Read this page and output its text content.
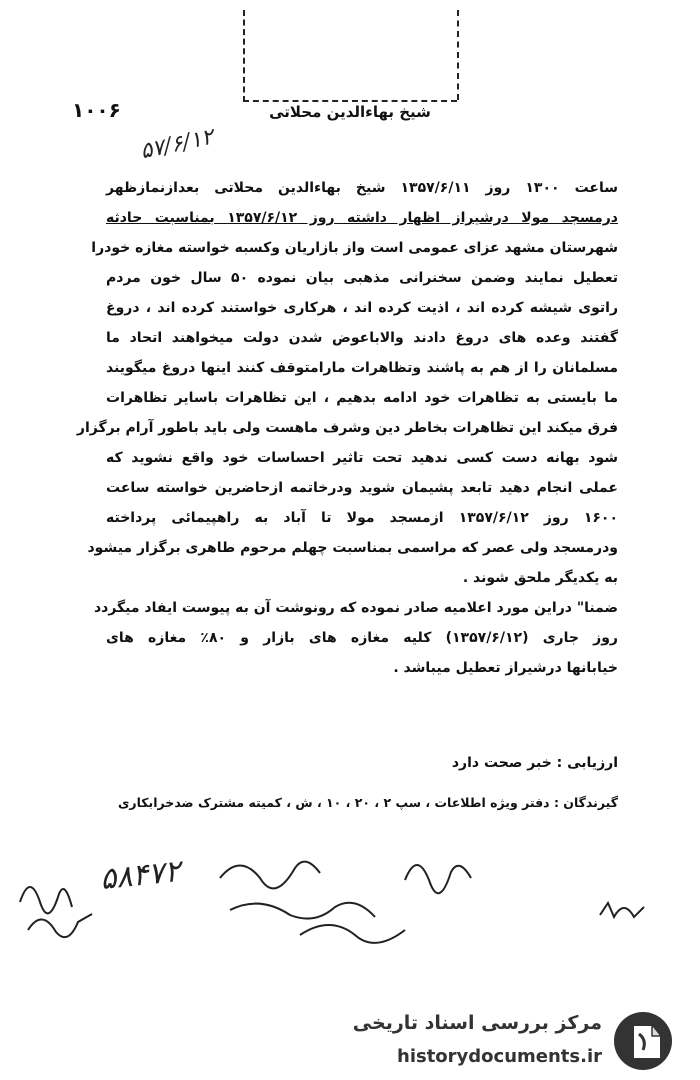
۱۰۰۶	شیخ بهاءالدین محلاتی
۵۷/۶/۱۲
ساعت ۱۳۰۰ روز ۱۳۵۷/۶/۱۱ شیخ بهاءالدین محلاتی بعدازنمازظهر
درمسجد مولا درشیراز اظهار داشته روز ۱۳۵۷/۶/۱۲ بمناسبت حادثه
شهرستان مشهد عزای عمومی است واز بازاریان وکسبه خواسته مغازه خودرا
تعطیل نمایند وضمن سخنرانی مذهبی بیان نموده ۵۰ سال خون مردم
راتوی شیشه کرده اند ، اذیت کرده اند ، هرکاری خواستند کرده اند ، دروغ
گفتند وعده های دروغ دادند والاباعوض شدن دولت میخواهند اتحاد ما
مسلمانان را از هم به پاشند وتظاهرات مارامتوقف کنند اینها دروغ میگویند
ما بایستی به تظاهرات خود ادامه بدهیم ، این تظاهرات باسایر تظاهرات
فرق میکند این تظاهرات بخاطر دین وشرف ماهست ولی باید باطور آرام برگزار
شود بهانه دست کسی ندهید تحت تاثیر احساسات خود واقع نشوید که
عملی انجام دهید تابعد پشیمان شوید ودرخاتمه ازحاضرین خواسته ساعت
۱۶۰۰ روز ۱۳۵۷/۶/۱۲ ازمسجد مولا تا آباد به راهپیمائی پرداخته
ودرمسجد ولی عصر که مراسمی بمناسبت چهلم مرحوم طاهری برگزار میشود
به یکدیگر ملحق شوند .
ضمنا" دراین مورد اعلامیه صادر نموده که رونوشت آن به پیوست ایفاد میگردد
روز جاری (۱۳۵۷/۶/۱۲) کلیه مغازه های بازار و ۸۰٪ مغازه های
خیابانها درشیراز تعطیل میباشد .
ارزیابی : خبر صحت دارد
گیرندگان : دفتر ویژه اطلاعات ، سپ ۲ ، ۲۰ ، ۱۰ ، ش ، کمیته مشترک ضدخرابکاری
۵۸۴۷۲
مرکز بررسی اسناد تاریخی
historydocuments.ir
